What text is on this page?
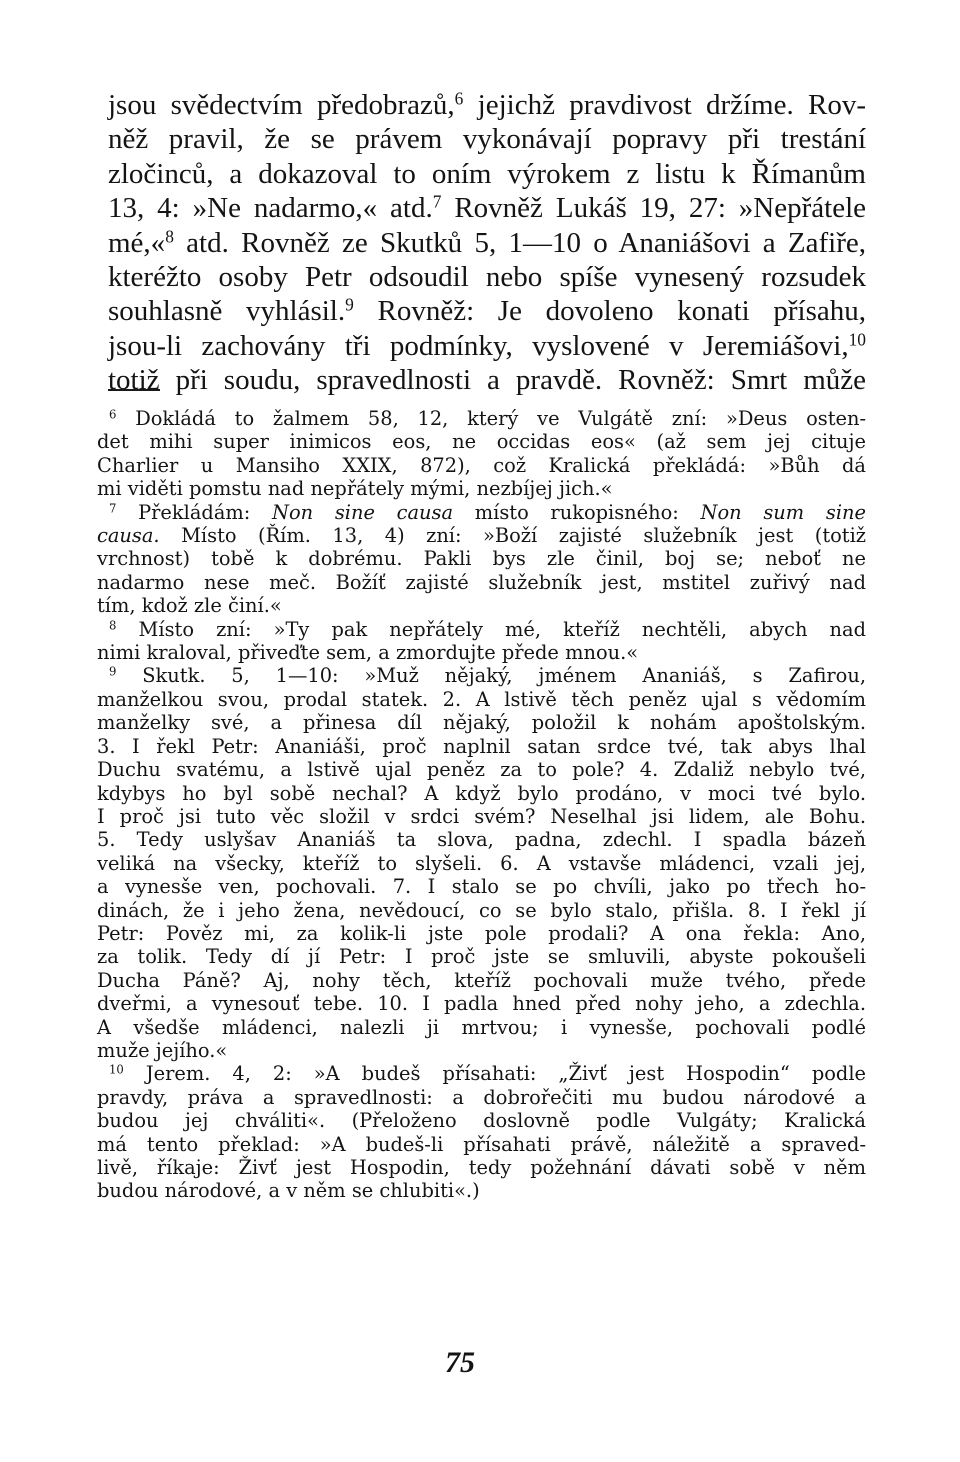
jsou svědectvím předobrazů,$^6$ jejichž pravdivost držíme. Rov-
něž pravil, že se právem vykonávají popravy při trestání
zločinců, a dokazoval to oním výrokem z listu k Římanům
13, 4: »Ne nadarmo,« atd.$^7$ Rovněž Lukáš 19, 27: »Nepřátele
mé,«$^8$ atd. Rovněž ze Skutků 5, 1—10 o Ananiášovi a Zafiře,
kteréžto osoby Petr odsoudil nebo spíše vynesený rozsudek
souhlasně vyhlásil.$^9$ Rovněž: Je dovoleno konati přísahu,
jsou-li zachovány tři podmínky, vyslovené v Jeremiášovi,$^{10}$
totiž při soudu, spravedlnosti a pravdě. Rovněž: Smrt může
$^6$ Dokládá to žalmem 58, 12, který ve Vulgátě zní: »Deus osten-
det mihi super inimicos eos, ne occidas eos« (až sem jej cituje
Charlier u Mansiho XXIX, 872), což Kralická překládá: »Bůh dá
mi viděti pomstu nad nepřátely mými, nezbíjej jich.«
$^7$ Překládám: Non sine causa místo rukopisného: Non sum sine
causa. Místo (Řím. 13, 4) zní: »Boží zajisté služebník jest (totiž
vrchnost) tobě k dobrému. Pakli bys zle činil, boj se; neboť ne
nadarmo nese meč. Božíť zajisté služebník jest, mstitel zuřivý nad
tím, kdož zle činí.«
$^8$ Místo zní: »Ty pak nepřátely mé, kteříž nechtěli, abych nad
nimi kraloval, přiveďte sem, a zmordujte přede mnou.«
$^9$ Skutk. 5, 1—10: »Muž nějaký, jménem Ananiáš, s Zafirou,
manželkou svou, prodal statek. 2. A lstivě těch peněz ujal s vědomím
manželky své, a přinesa díl nějaký, položil k nohám apoštolským.
3. I řekl Petr: Ananiáši, proč naplnil satan srdce tvé, tak abys lhal
Duchu svatému, a lstivě ujal peněz za to pole? 4. Zdaliž nebylo tvé,
kdybys ho byl sobě nechal? A když bylo prodáno, v moci tvé bylo.
I proč jsi tuto věc složil v srdci svém? Neselhal jsi lidem, ale Bohu.
5. Tedy uslyšav Ananiáš ta slova, padna, zdechl. I spadla bázeň
veliká na všecky, kteříž to slyšeli. 6. A vstavše mládenci, vzali jej,
a vynesše ven, pochovali. 7. I stalo se po chvíli, jako po třech ho-
dinách, že i jeho žena, nevědoucí, co se bylo stalo, přišla. 8. I řekl jí
Petr: Pověz mi, za kolik-li jste pole prodali? A ona řekla: Ano,
za tolik. Tedy dí jí Petr: I proč jste se smluvili, abyste pokoušeli
Ducha Páně? Aj, nohy těch, kteříž pochovali muže tvého, přede
dveřmi, a vynesouť tebe. 10. I padla hned před nohy jeho, a zdechla.
A všedše mládenci, nalezli ji mrtvou; i vynesše, pochovali podlé
muže jejího.«
$^{10}$ Jerem. 4, 2: »A budeš přísahati: „Živť jest Hospodin“ podle
pravdy, práva a spravedlnosti: a dobrořečiti mu budou národové a
budou jej chváliti«. (Přeloženo doslovně podle Vulgáty; Kralická
má tento překlad: »A budeš-li přísahati právě, náležitě a spraved-
livě, říkaje: Živť jest Hospodin, tedy požehnání dávati sobě v něm
budou národové, a v něm se chlubiti«.)
75
